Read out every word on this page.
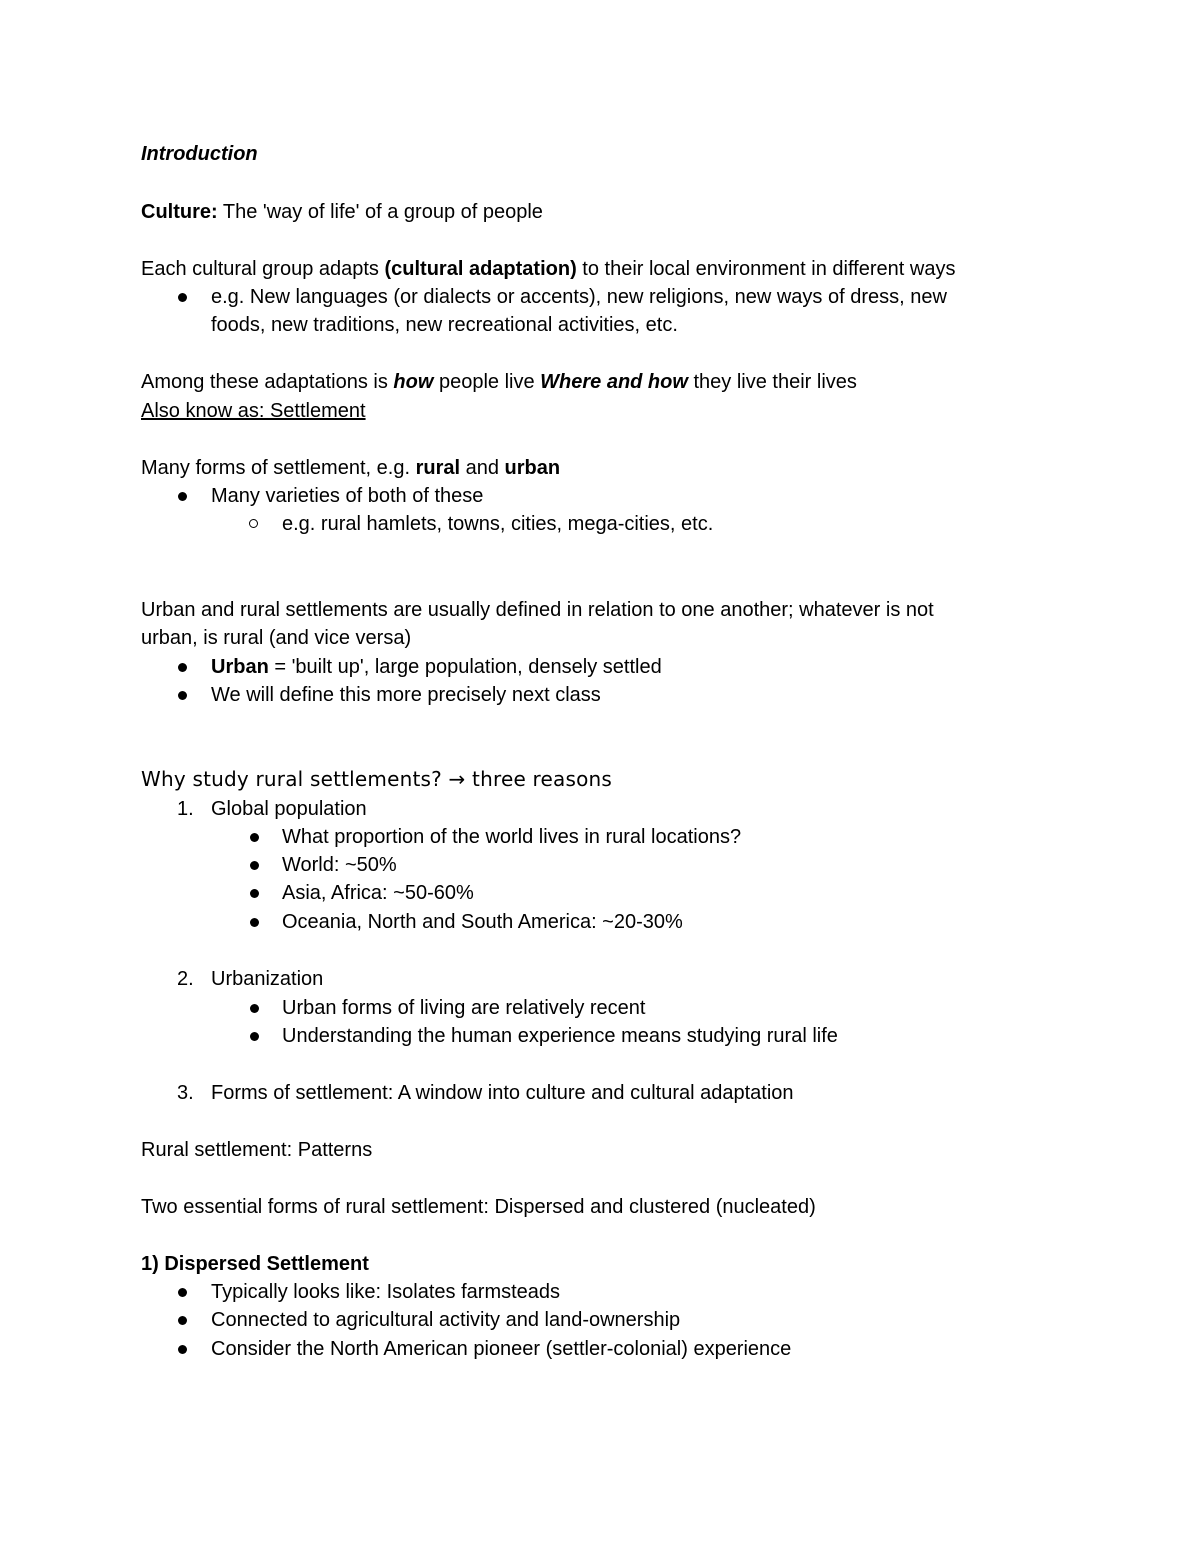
Introduction
Culture: The 'way of life' of a group of people
Each cultural group adapts (cultural adaptation) to their local environment in different ways
e.g. New languages (or dialects or accents), new religions, new ways of dress, new
foods, new traditions, new recreational activities, etc.
Among these adaptations is how people live Where and how they live their lives
Also know as: Settlement
Many forms of settlement, e.g. rural and urban
Many varieties of both of these
e.g. rural hamlets, towns, cities, mega-cities, etc.
Urban and rural settlements are usually defined in relation to one another; whatever is not
urban, is rural (and vice versa)
Urban = 'built up', large population, densely settled
We will define this more precisely next class
Why study rural settlements? → three reasons
1. Global population
What proportion of the world lives in rural locations?
World: ~50%
Asia, Africa: ~50-60%
Oceania, North and South America: ~20-30%
2. Urbanization
Urban forms of living are relatively recent
Understanding the human experience means studying rural life
3. Forms of settlement: A window into culture and cultural adaptation
Rural settlement: Patterns
Two essential forms of rural settlement: Dispersed and clustered (nucleated)
1) Dispersed Settlement
Typically looks like: Isolates farmsteads
Connected to agricultural activity and land-ownership
Consider the North American pioneer (settler-colonial) experience
